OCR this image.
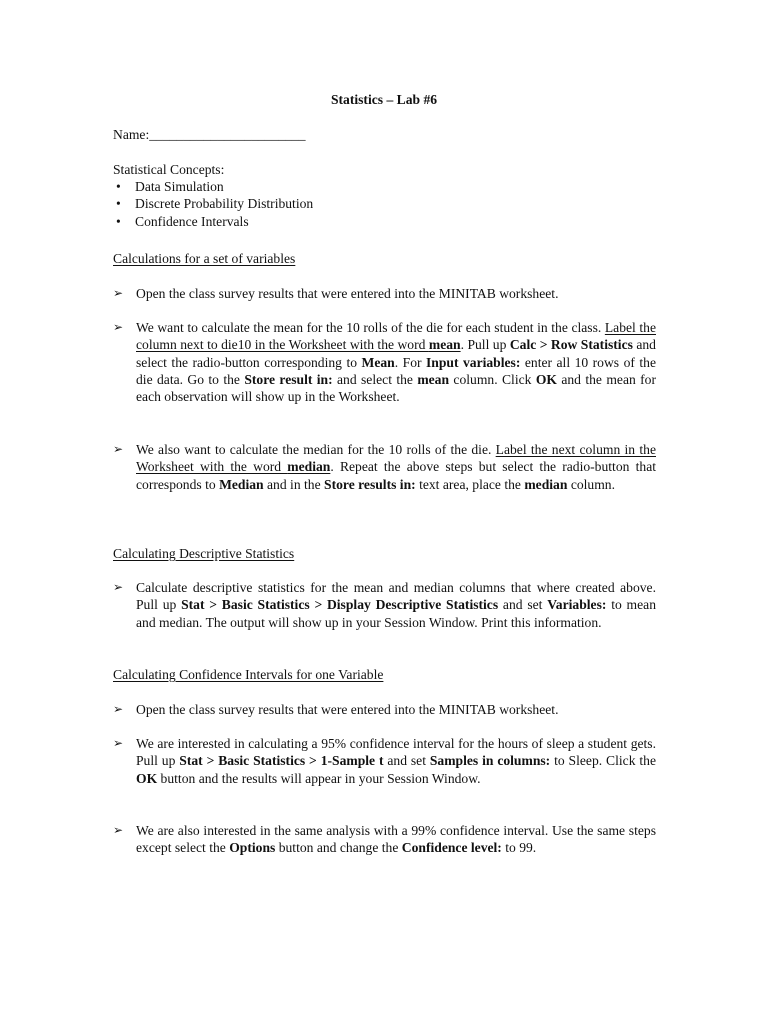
Statistics – Lab #6
Name:_______________________
Statistical Concepts:
• Data Simulation
• Discrete Probability Distribution
• Confidence Intervals
Calculations for a set of variables
➢ Open the class survey results that were entered into the MINITAB worksheet.
➢ We want to calculate the mean for the 10 rolls of the die for each student in the class. Label the column next to die10 in the Worksheet with the word mean. Pull up Calc > Row Statistics and select the radio-button corresponding to Mean. For Input variables: enter all 10 rows of the die data. Go to the Store result in: and select the mean column. Click OK and the mean for each observation will show up in the Worksheet.
➢ We also want to calculate the median for the 10 rolls of the die. Label the next column in the Worksheet with the word median. Repeat the above steps but select the radio-button that corresponds to Median and in the Store results in: text area, place the median column.
Calculating Descriptive Statistics
➢ Calculate descriptive statistics for the mean and median columns that where created above. Pull up Stat > Basic Statistics > Display Descriptive Statistics and set Variables: to mean and median. The output will show up in your Session Window. Print this information.
Calculating Confidence Intervals for one Variable
➢ Open the class survey results that were entered into the MINITAB worksheet.
➢ We are interested in calculating a 95% confidence interval for the hours of sleep a student gets. Pull up Stat > Basic Statistics > 1-Sample t and set Samples in columns: to Sleep. Click the OK button and the results will appear in your Session Window.
➢ We are also interested in the same analysis with a 99% confidence interval. Use the same steps except select the Options button and change the Confidence level: to 99.
